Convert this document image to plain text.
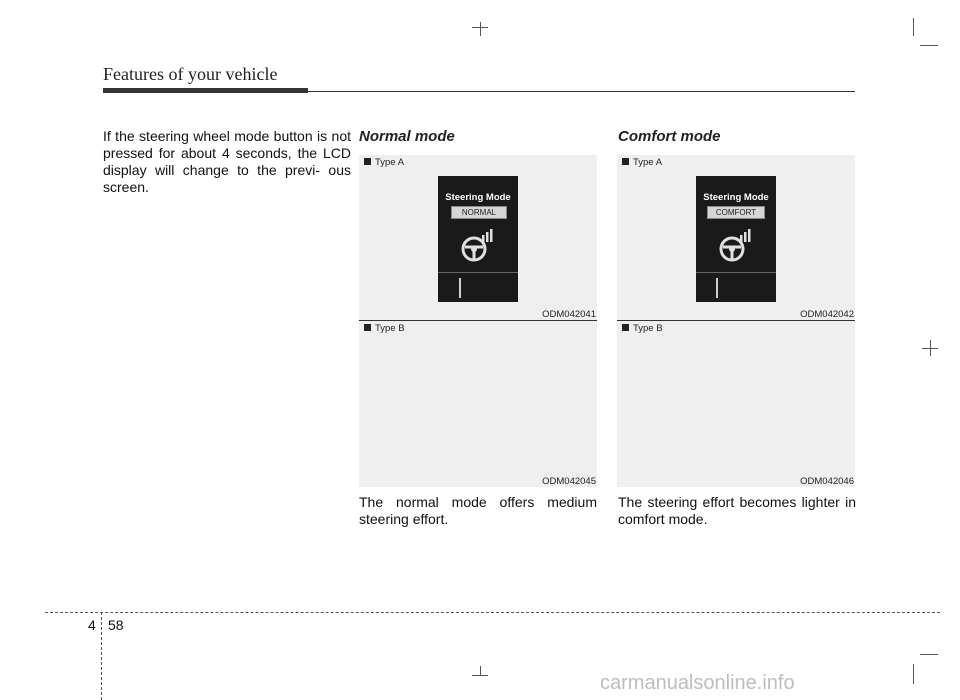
Features of your vehicle
If the steering wheel mode button is not pressed for about 4 seconds, the LCD display will change to the previ- ous screen.
Normal mode
Type A
Steering Mode
NORMAL
ODM042041
Type B
ODM042045
The normal mode offers medium steering effort.
Comfort mode
Type A
Steering Mode
COMFORT
ODM042042
Type B
ODM042046
The steering effort becomes lighter in comfort mode.
4 58
carmanualsonline.info
